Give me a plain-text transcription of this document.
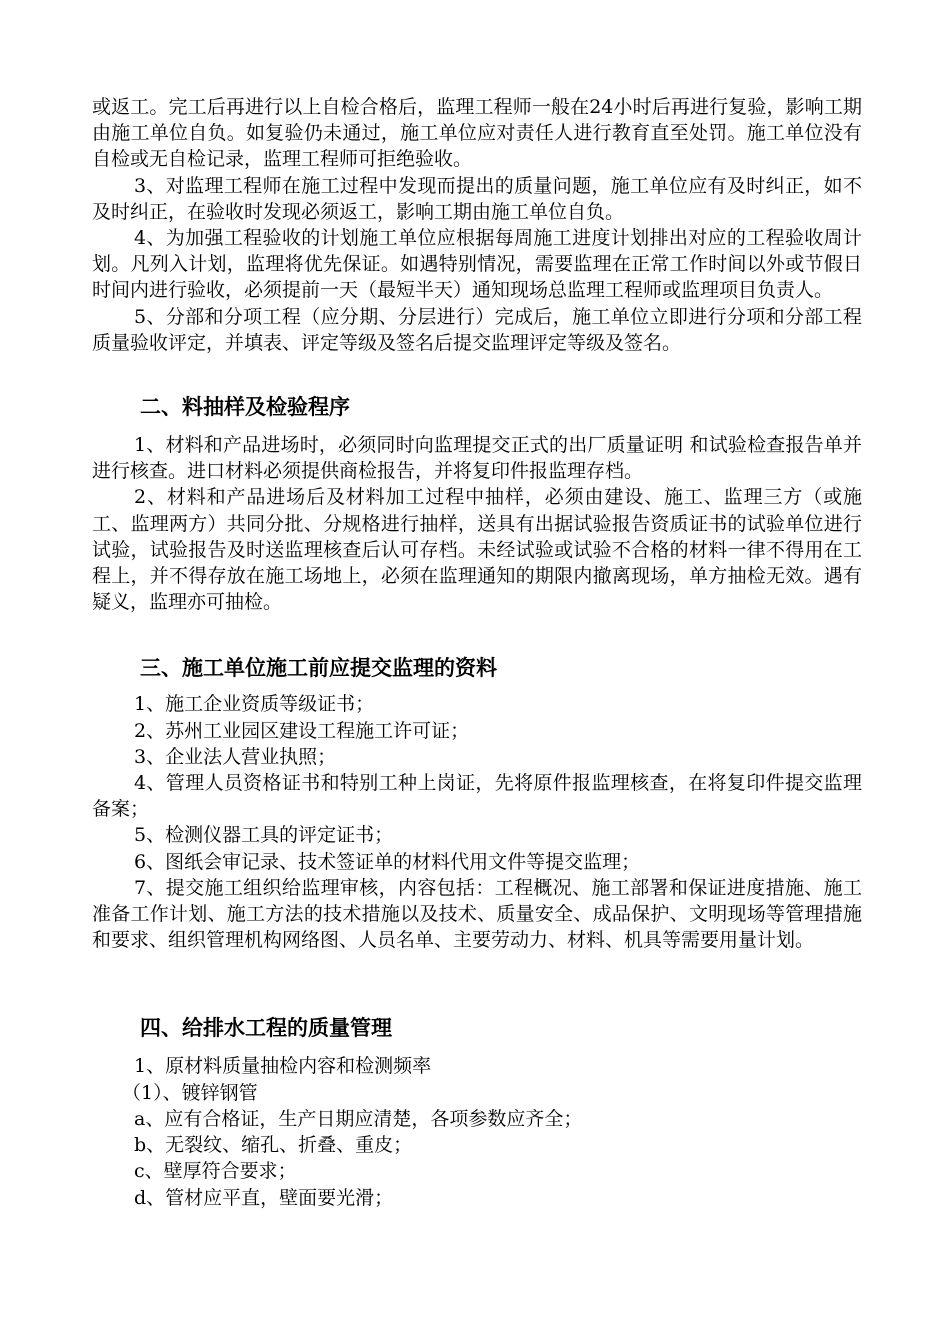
或返工。完工后再进行以上自检合格后，监理工程师一般在24小时后再进行复验，影响工期由施工单位自负。如复验仍未通过，施工单位应对责任人进行教育直至处罚。施工单位没有自检或无自检记录，监理工程师可拒绝验收。

3、对监理工程师在施工过程中发现而提出的质量问题，施工单位应有及时纠正，如不及时纠正，在验收时发现必须返工，影响工期由施工单位自负。

4、为加强工程验收的计划施工单位应根据每周施工进度计划排出对应的工程验收周计划。凡列入计划，监理将优先保证。如遇特别情况，需要监理在正常工作时间以外或节假日时间内进行验收，必须提前一天（最短半天）通知现场总监理工程师或监理项目负责人。

5、分部和分项工程（应分期、分层进行）完成后，施工单位立即进行分项和分部工程质量验收评定，并填表、评定等级及签名后提交监理评定等级及签名。

二、料抽样及检验程序

1、材料和产品进场时，必须同时向监理提交正式的出厂质量证明 和试验检查报告单并进行核查。进口材料必须提供商检报告，并将复印件报监理存档。

2、材料和产品进场后及材料加工过程中抽样，必须由建设、施工、监理三方（或施工、监理两方）共同分批、分规格进行抽样，送具有出据试验报告资质证书的试验单位进行试验，试验报告及时送监理核查后认可存档。未经试验或试验不合格的材料一律不得用在工程上，并不得存放在施工场地上，必须在监理通知的期限内撤离现场，单方抽检无效。遇有疑义，监理亦可抽检。

三、施工单位施工前应提交监理的资料

1、施工企业资质等级证书；

2、苏州工业园区建设工程施工许可证；

3、企业法人营业执照；

4、管理人员资格证书和特别工种上岗证，先将原件报监理核查，在将复印件提交监理备案；

5、检测仪器工具的评定证书；

6、图纸会审记录、技术签证单的材料代用文件等提交监理；

7、提交施工组织给监理审核，内容包括：工程概况、施工部署和保证进度措施、施工准备工作计划、施工方法的技术措施以及技术、质量安全、成品保护、文明现场等管理措施和要求、组织管理机构网络图、人员名单、主要劳动力、材料、机具等需要用量计划。

四、给排水工程的质量管理

1、原材料质量抽检内容和检测频率

（1）、镀锌钢管

a、应有合格证，生产日期应清楚，各项参数应齐全；

b、无裂纹、缩孔、折叠、重皮；

c、壁厚符合要求；

d、管材应平直，壁面要光滑；
